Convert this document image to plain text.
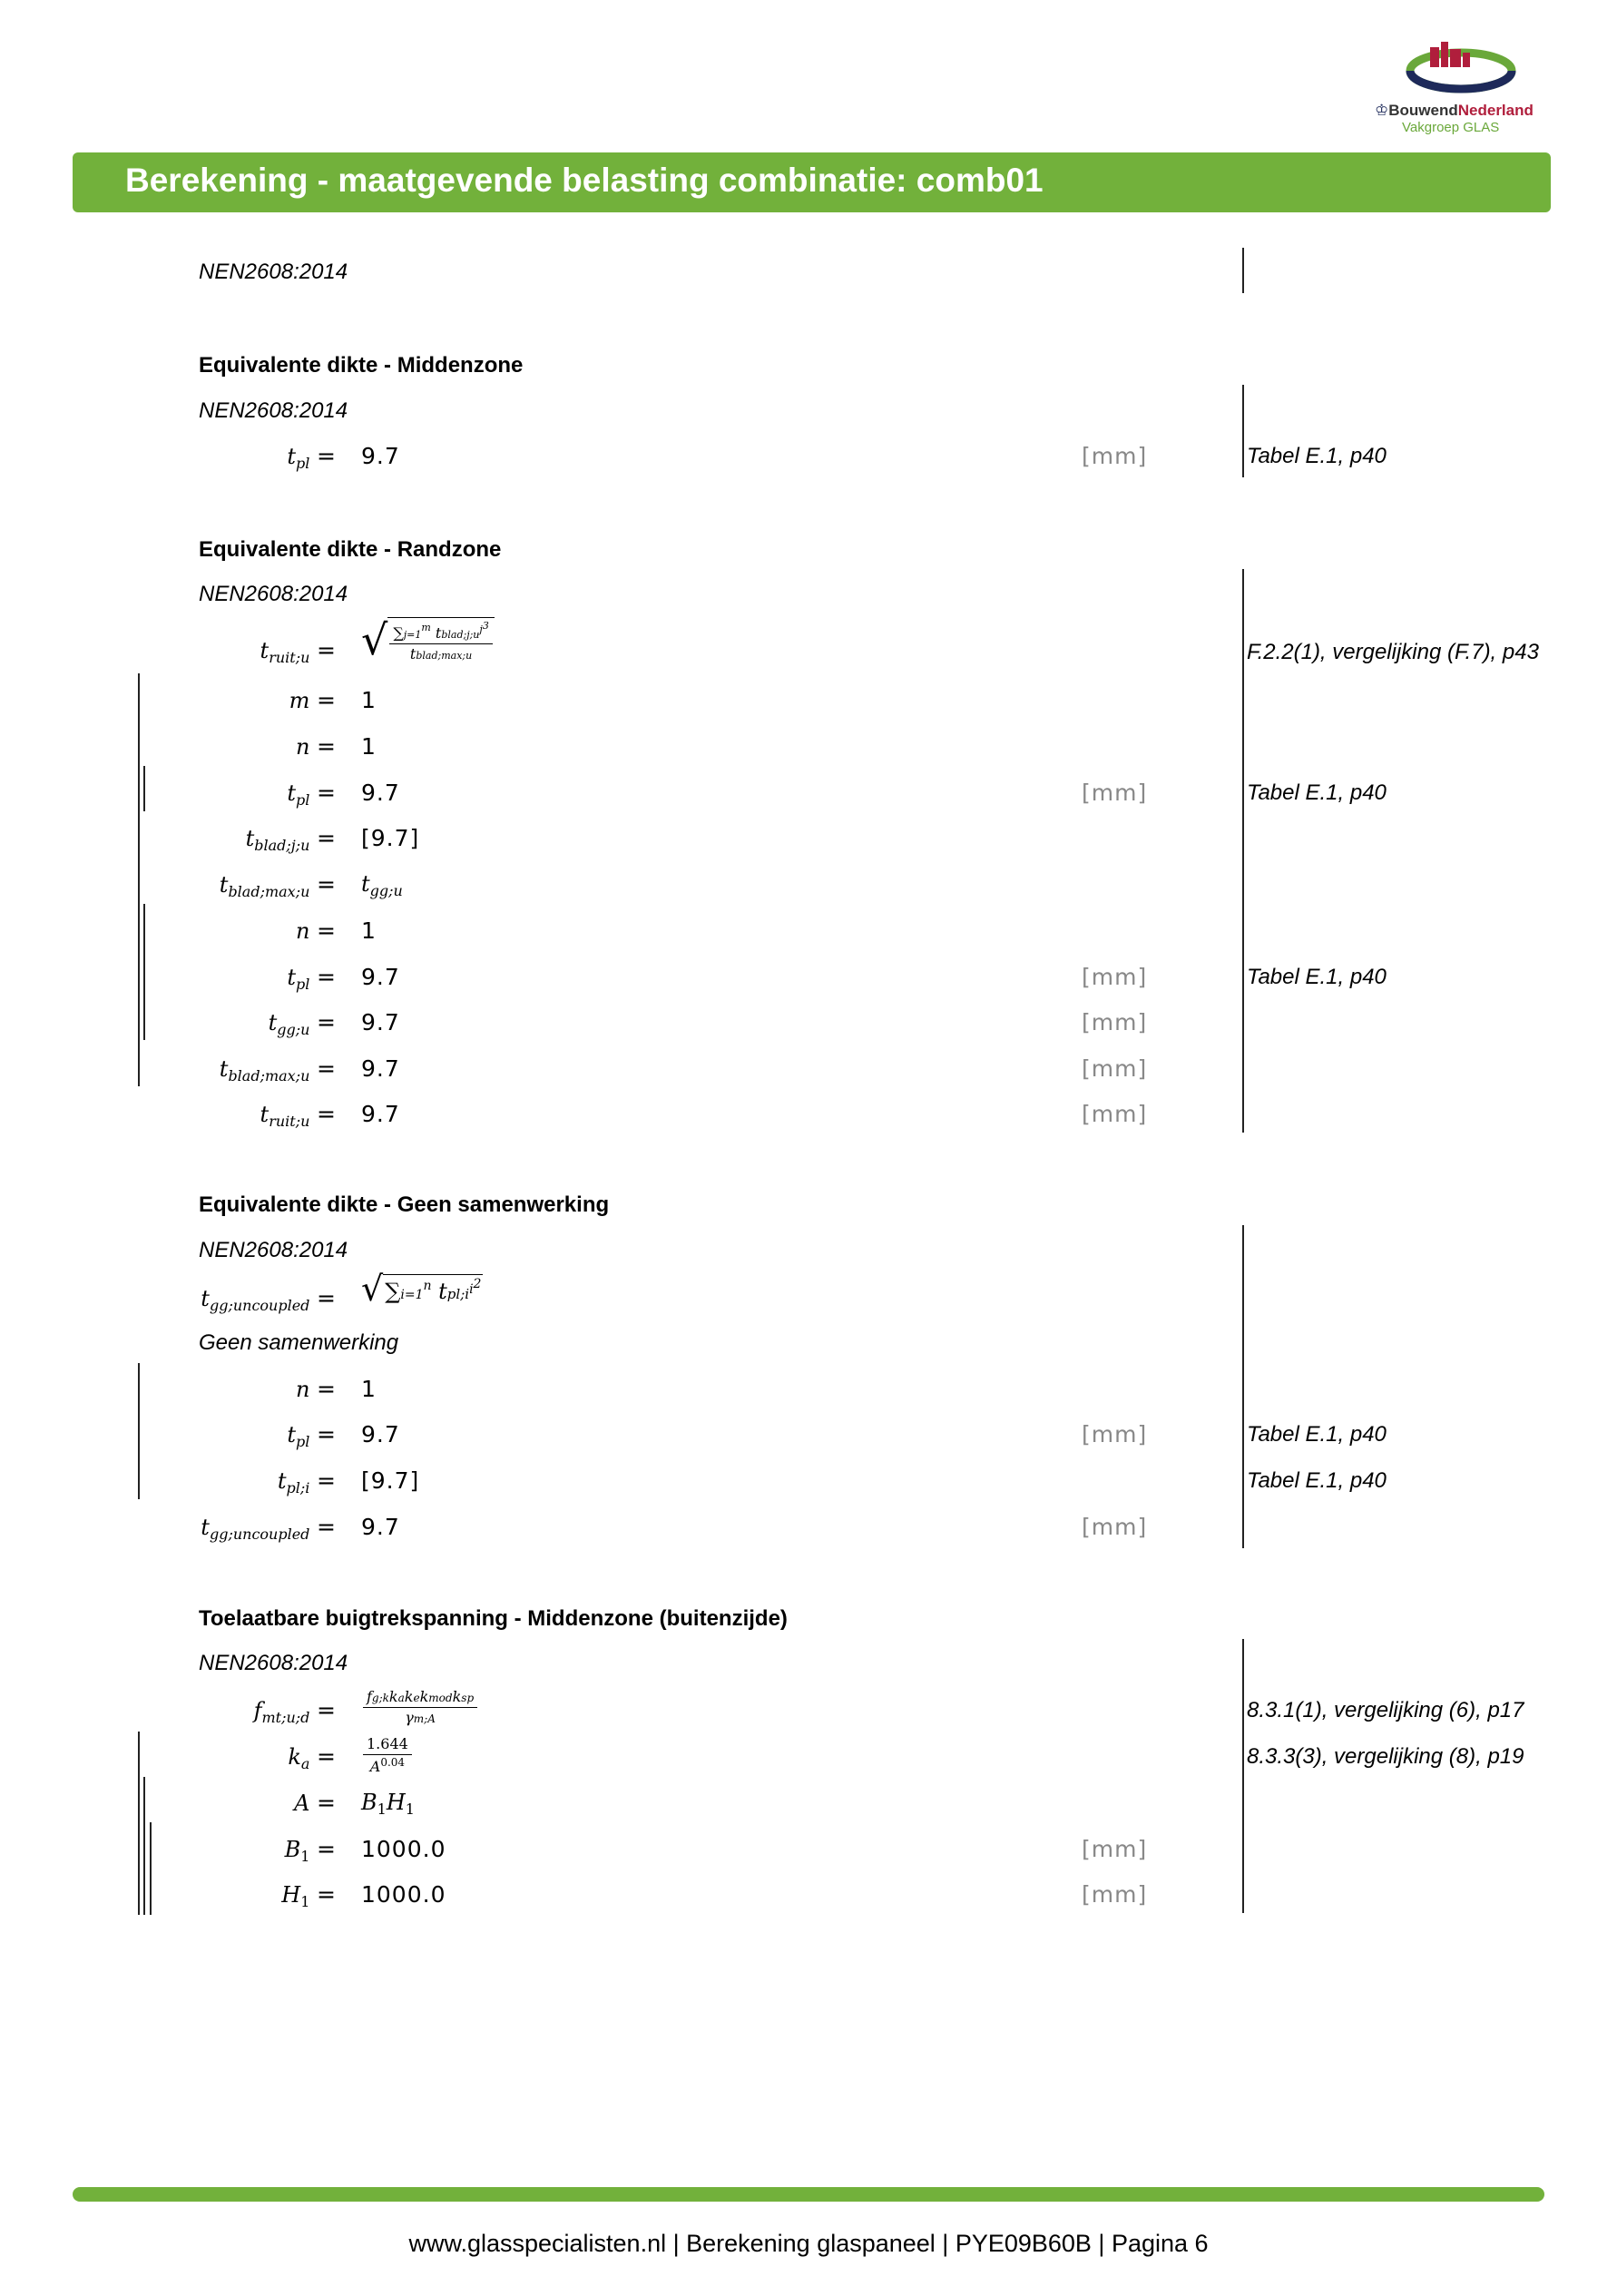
♔BouwendNederland
Vakgroep GLAS
Berekening - maatgevende belasting combinatie: comb01
NEN2608:2014
Equivalente dikte - Middenzone
NEN2608:2014
$t_{pl} = 9.7$	[mm]	Tabel E.1, p40
Equivalente dikte - Randzone
NEN2608:2014
$t_{ruit;u}$ = √ $\frac{\sum j=1^m tblad;j;u^{j3}}{\text{tblad;max;u}}$	F.2.2(1), vergelijking (F.7), p43
m = 1
n = 1
$t_{pl} = 9.7$	[mm]	Tabel E.1, p40
$t_{blad;j;u} = [9.7]$
$t_{blad;max;u} = t_{gg;u}$
n = 1
$t_{pl} = 9.7$	[mm]	Tabel E.1, p40
$t_{gg;u} = 9.7$	[mm]
$t_{blad;max;u} = 9.7$	[mm]
$t_{ruit;u} = 9.7$	[mm]
Equivalente dikte - Geen samenwerking
NEN2608:2014
$t_{gg;uncoupled} = √\sum i=1^n$ $tpl;i^{i2}$
Geen samenwerking
n = 1
$t_{pl} = 9.7$	[mm]	Tabel E.1, p40
$t_{pl;i} = [9.7]$	Tabel E.1, p40
$t_{gg;uncoupled} = 9.7$	[mm]
Toelaatbare buigtrekspanning - Middenzone (buitenzijde)
NEN2608:2014
$f_{mt;u;d} = \frac{\text{fg;kkakekmodksp}}{\gamma m;A}$	8.3.1(1), vergelijking (6), p17
$k_a = \frac{1.644}{A^{0.04}}$	8.3.3(3), vergelijking (8), p19
$A = B_1H_1$
$B_1 = 1000.0$	[mm]
$H_1 = 1000.0$	[mm]
www.glasspecialisten.nl | Berekening glaspaneel | PYE09B60B | Pagina 6
